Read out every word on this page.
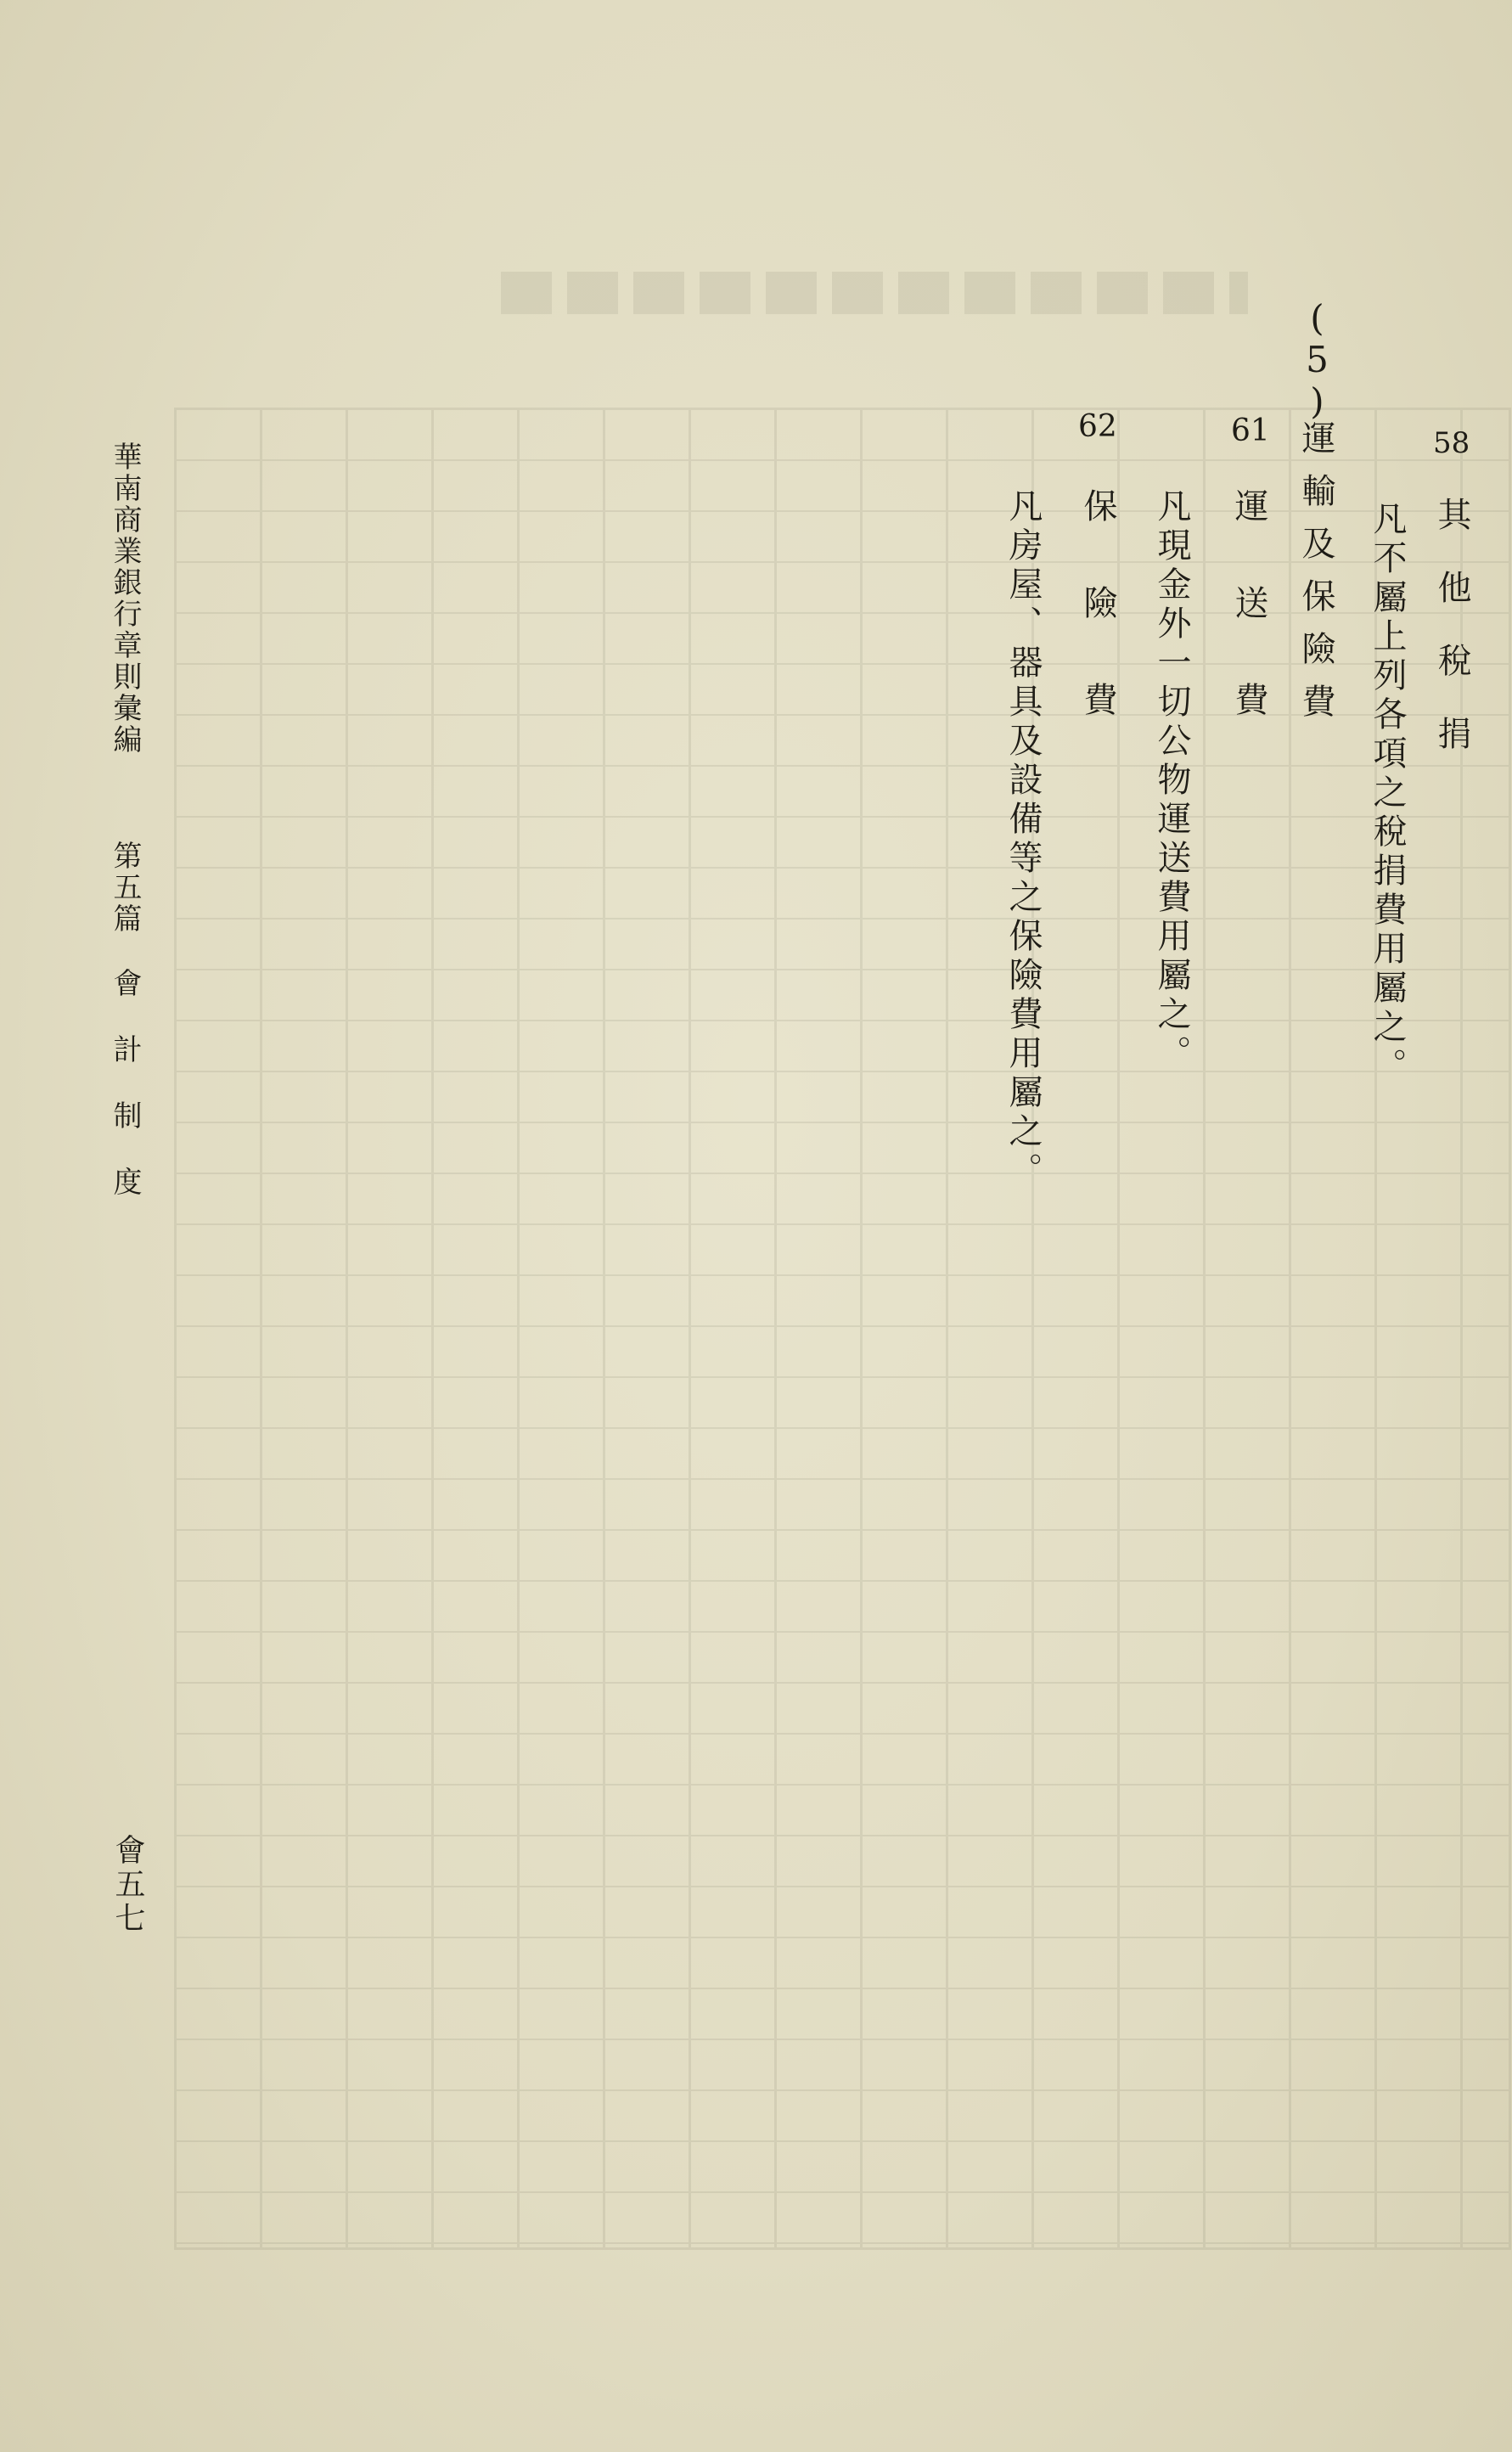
58
其他稅捐
凡不屬上列各項之稅捐費用屬之。
(5)
運輸及保險費
61
運送費
凡現金外一切公物運送費用屬之。
62
保險費
凡房屋、器具及設備等之保險費用屬之。
華南商業銀行章則彙編
第五篇
會計制度
會五七
